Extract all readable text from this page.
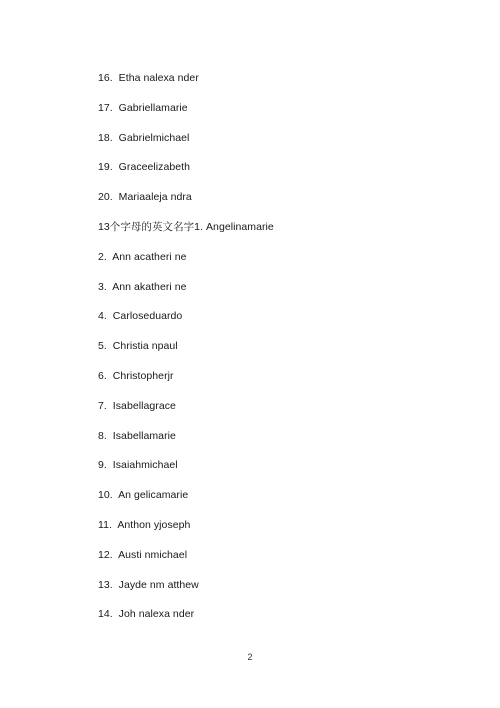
16.  Etha nalexa nder
17.  Gabriellamarie
18.  Gabrielmichael
19.  Graceelizabeth
20.  Mariaaleja ndra
13个字母的英文名字1. Angelinamarie
2.  Ann acatheri ne
3.  Ann akatheri ne
4.  Carloseduardo
5.  Christia npaul
6.  Christopherjr
7.  Isabellagrace
8.  Isabellamarie
9.  Isaiahmichael
10.  An gelicamarie
11.  Anthon yjoseph
12.  Austi nmichael
13.  Jayde nm atthew
14.  Joh nalexa nder
2
